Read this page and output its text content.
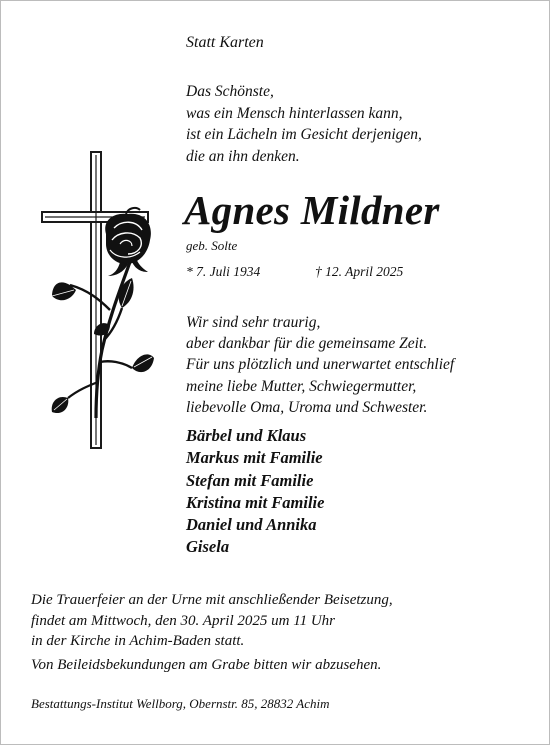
Statt Karten
Das Schönste,
was ein Mensch hinterlassen kann,
ist ein Lächeln im Gesicht derjenigen,
die an ihn denken.
Agnes Mildner
geb. Solte
* 7. Juli 1934	† 12. April 2025
Wir sind sehr traurig,
aber dankbar für die gemeinsame Zeit.
Für uns plötzlich und unerwartet entschlief
meine liebe Mutter, Schwiegermutter,
liebevolle Oma, Uroma und Schwester.
Bärbel und Klaus
Markus mit Familie
Stefan mit Familie
Kristina mit Familie
Daniel und Annika
Gisela
Die Trauerfeier an der Urne mit anschließender Beisetzung,
findet am Mittwoch, den 30. April 2025 um 11 Uhr
in der Kirche in Achim-Baden statt.
Von Beileidsbekundungen am Grabe bitten wir abzusehen.
Bestattungs-Institut Wellborg, Obernstr. 85, 28832 Achim
